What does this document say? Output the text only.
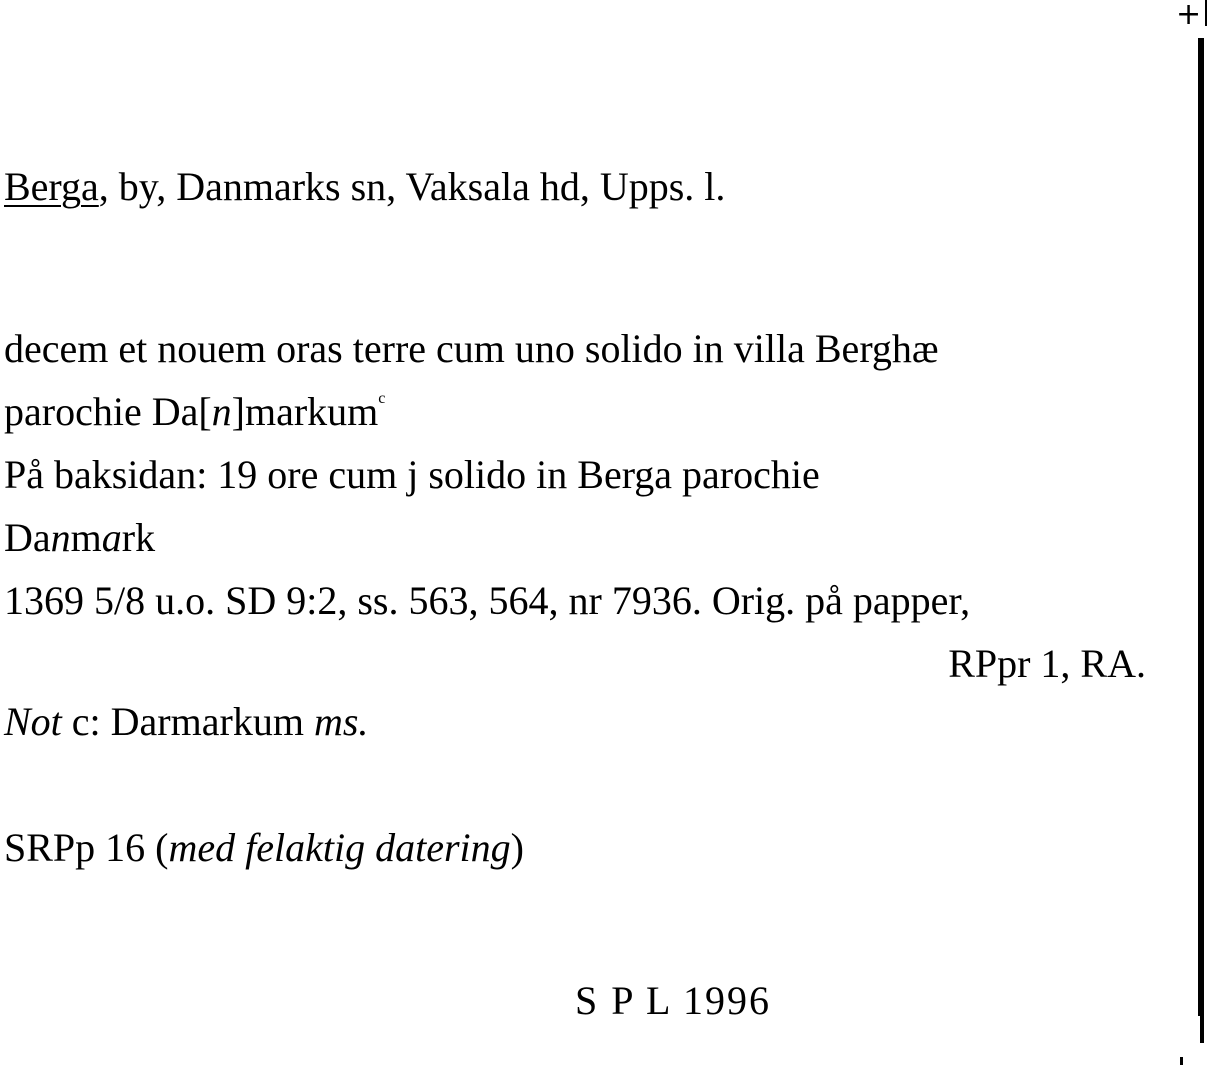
+
Berga, by, Danmarks sn, Vaksala hd, Upps. l.
decem et nouem oras terre cum uno solido in villa Berghæ
parochie Da[n]markum$^c$
På baksidan: 19 ore cum j solido in Berga parochie
Danmark
1369 5/8 u.o. SD 9:2, ss. 563, 564, nr 7936. Orig. på papper,
RPpr 1, RA.
Not c: Darmarkum ms.
SRPp 16 (med felaktig datering)
S P L 1996
